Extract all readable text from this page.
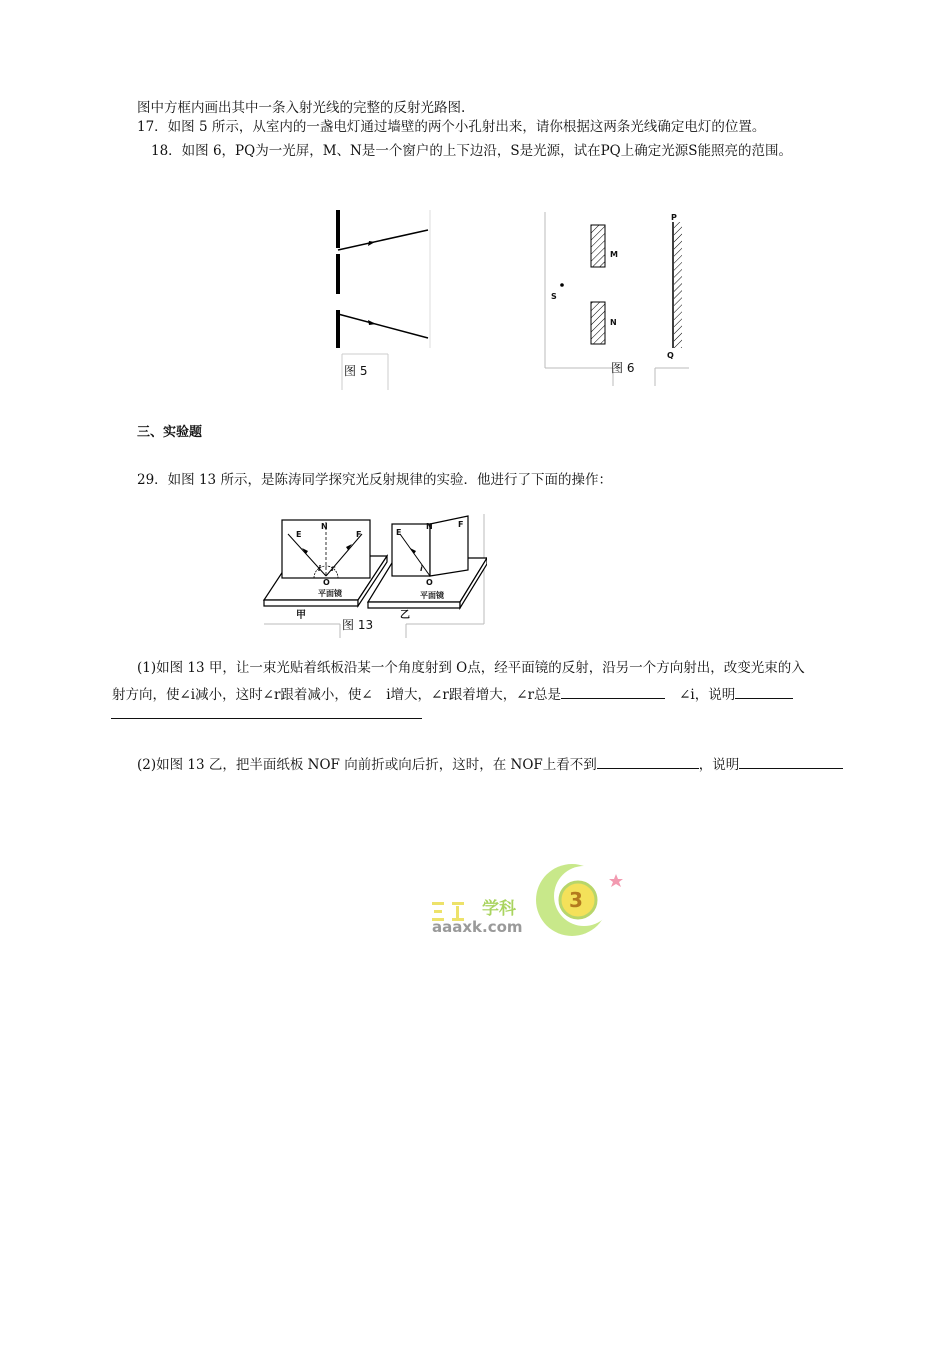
图中方框内画出其中一条入射光线的完整的反射光路图.
17．如图 5 所示，从室内的一盏电灯通过墙壁的两个小孔射出来，请你根据这两条光线确定电灯的位置。
18．如图 6，PQ为一光屏，M、N是一个窗户的上下边沿，S是光源，试在PQ上确定光源S能照亮的范围。
图 5
P
M
S
N
Q
图 6
三、实验题
29．如图 13 所示，是陈涛同学探究光反射规律的实验．他进行了下面的操作：
E
N
F
i r
O
平面镜
甲
E
N	F
i
O
平面镜
乙
图 13
(1)如图 13 甲，让一束光贴着纸板沿某一个角度射到 O点，经平面镜的反射，沿另一个方向射出，改变光束的入
射方向，使∠i减小，这时∠r跟着减小，使∠　i增大，∠r跟着增大，∠r总是	∠i，说明
(2)如图 13 乙，把半面纸板 NOF 向前折或向后折，这时，在 NOF上看不到	，说明
学科
aaaxk.com
3
